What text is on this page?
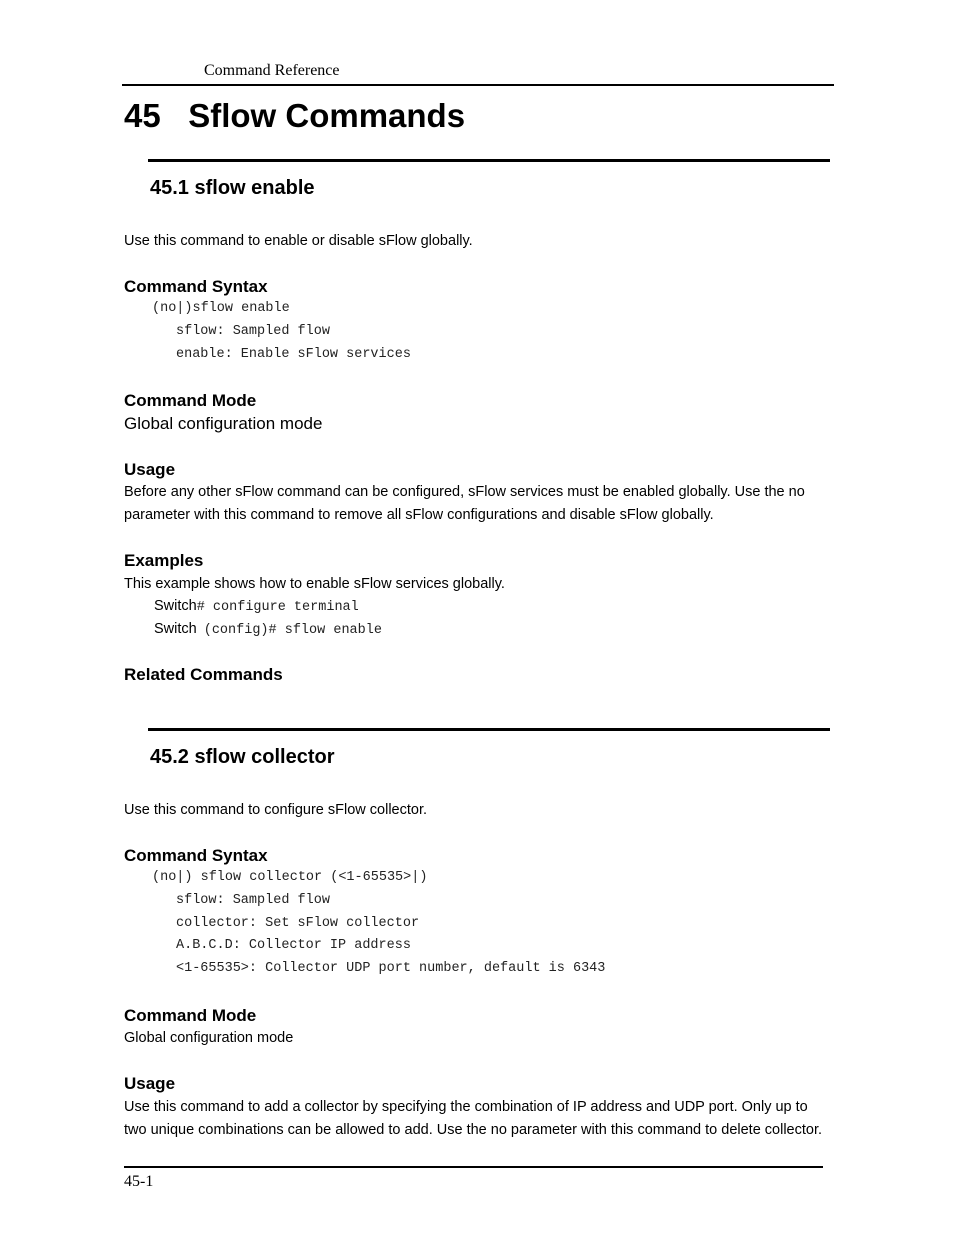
Command Reference
45   Sflow Commands
45.1 sflow enable
Use this command to enable or disable sFlow globally.
Command Syntax
(no|)sflow enable
sflow: Sampled flow
enable: Enable sFlow services
Command Mode
Global configuration mode
Usage
Before any other sFlow command can be configured, sFlow services must be enabled globally. Use the no
parameter with this command to remove all sFlow configurations and disable sFlow globally.
Examples
This example shows how to enable sFlow services globally.
Switch# configure terminal
Switch (config)# sflow enable
Related Commands
45.2 sflow collector
Use this command to configure sFlow collector.
Command Syntax
(no|) sflow collector (<1-65535>|)
sflow: Sampled flow
collector: Set sFlow collector
A.B.C.D: Collector IP address
<1-65535>: Collector UDP port number, default is 6343
Command Mode
Global configuration mode
Usage
Use this command to add a collector by specifying the combination of IP address and UDP port. Only up to
two unique combinations can be allowed to add. Use the no parameter with this command to delete collector.
45-1
